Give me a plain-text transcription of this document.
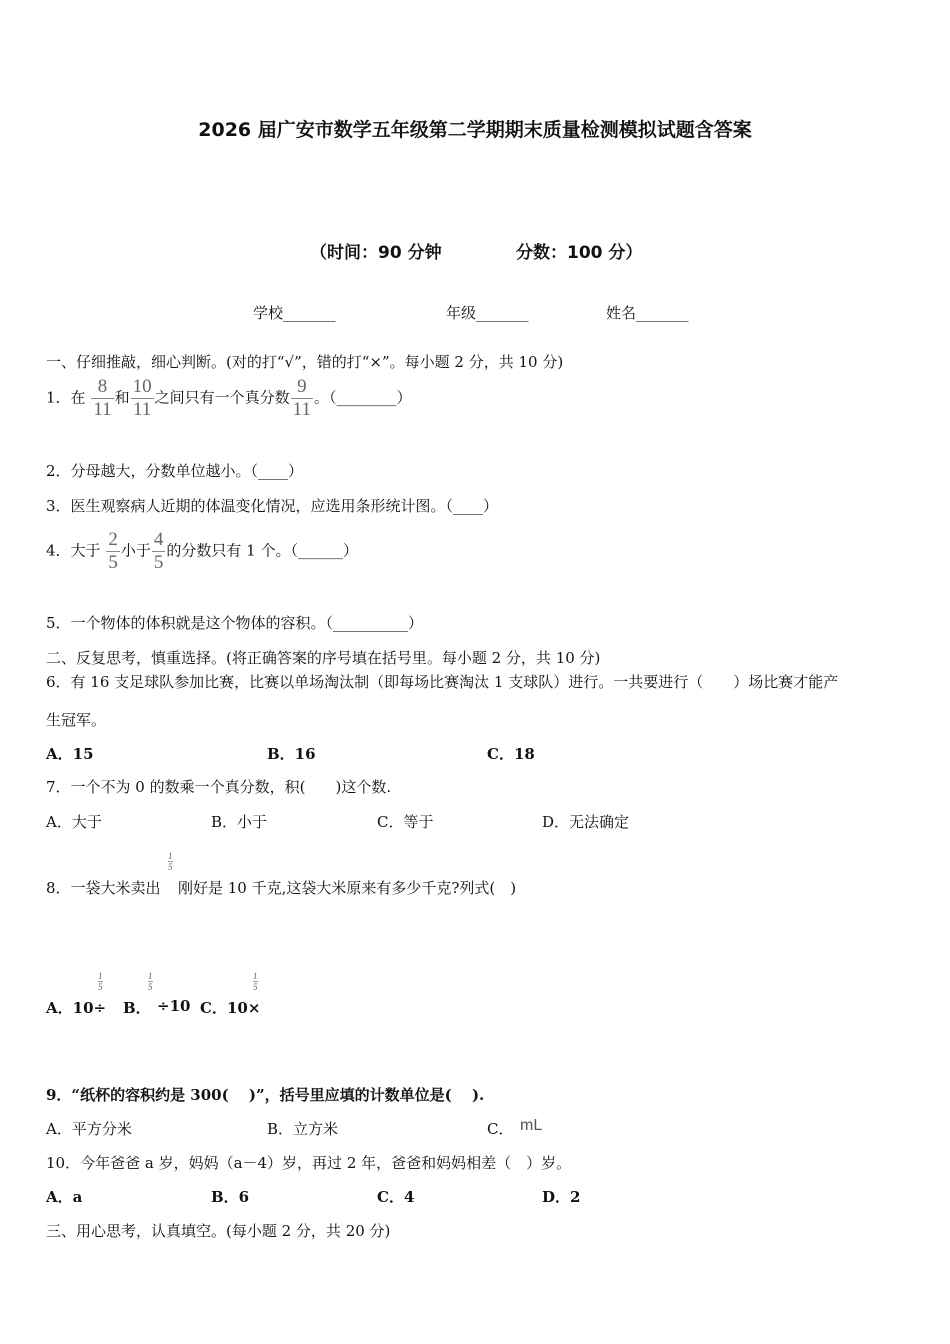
2026 届广安市数学五年级第二学期期末质量检测模拟试题含答案
（时间：90 分钟	分数：100 分）
学校_______	年级_______	姓名_______
一、仔细推敲，细心判断。(对的打“√”，错的打“×”。每小题 2 分，共 10 分)
1．在 $\frac{8}{11}$ 和 $\frac{10}{11}$ 之间只有一个真分数 $\frac{9}{11}$ 。（________）
2．分母越大，分数单位越小。（____）
3．医生观察病人近期的体温变化情况，应选用条形统计图。（____）
4．大于 $\frac{2}{5}$ 小于 $\frac{4}{5}$ 的分数只有 1 个。（______）
5．一个物体的体积就是这个物体的容积。（__________）
二、反复思考，慎重选择。(将正确答案的序号填在括号里。每小题 2 分，共 10 分)
6．有 16 支足球队参加比赛，比赛以单场淘汰制（即每场比赛淘汰 1 支球队）进行。一共要进行（　　）场比赛才能产
生冠军。
A．15	B．16	C．18
7．一个不为 0 的数乘一个真分数，积(　　)这个数.
A．大于	B．小于	C．等于	D．无法确定
8．一袋大米卖出
$\frac{1}{5}$
刚好是 10 千克,这袋大米原来有多少千克?列式(　)
A．10÷
$\frac{1}{5}$
B．
$\frac{1}{5}$
÷10 C．10×
$\frac{1}{5}$
9．“纸杯的容积约是 300(　 )”，括号里应填的计数单位是(　 ).
A．平方分米	B．立方米	C． mL
10．今年爸爸 a 岁，妈妈（a－4）岁，再过 2 年，爸爸和妈妈相差（　）岁。
A．a	B．6	C．4	D．2
三、用心思考，认真填空。(每小题 2 分，共 20 分)
